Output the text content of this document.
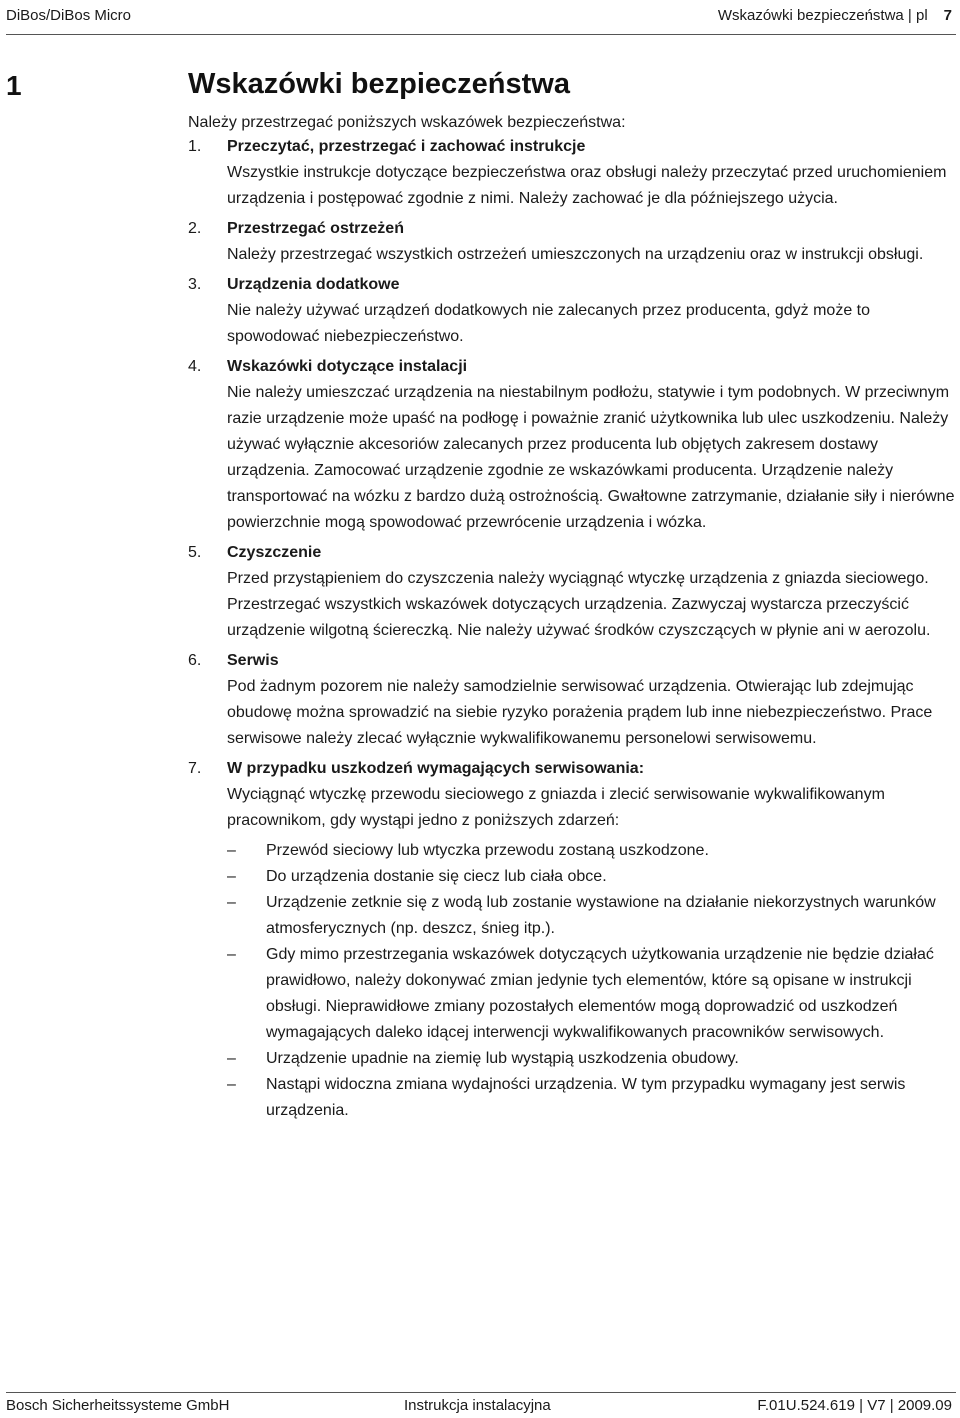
DiBos/DiBos Micro	Wskazówki bezpieczeństwa | pl 7
1	Wskazówki bezpieczeństwa

Należy przestrzegać poniższych wskazówek bezpieczeństwa:

1. Przeczytać, przestrzegać i zachować instrukcje
Wszystkie instrukcje dotyczące bezpieczeństwa oraz obsługi należy przeczytać przed uruchomieniem urządzenia i postępować zgodnie z nimi. Należy zachować je dla późniejszego użycia.
2. Przestrzegać ostrzeżeń
Należy przestrzegać wszystkich ostrzeżeń umieszczonych na urządzeniu oraz w instrukcji obsługi.
3. Urządzenia dodatkowe
Nie należy używać urządzeń dodatkowych nie zalecanych przez producenta, gdyż może to spowodować niebezpieczeństwo.
4. Wskazówki dotyczące instalacji
Nie należy umieszczać urządzenia na niestabilnym podłożu, statywie i tym podobnych. W przeciwnym razie urządzenie może upaść na podłogę i poważnie zranić użytkownika lub ulec uszkodzeniu. Należy używać wyłącznie akcesoriów zalecanych przez producenta lub objętych zakresem dostawy urządzenia. Zamocować urządzenie zgodnie ze wskazówkami producenta. Urządzenie należy transportować na wózku z bardzo dużą ostrożnością. Gwałtowne zatrzymanie, działanie siły i nierówne powierzchnie mogą spowodować przewrócenie urządzenia i wózka.
5. Czyszczenie
Przed przystąpieniem do czyszczenia należy wyciągnąć wtyczkę urządzenia z gniazda sieciowego. Przestrzegać wszystkich wskazówek dotyczących urządzenia. Zazwyczaj wystarcza przeczyścić urządzenie wilgotną ściereczką. Nie należy używać środków czyszczących w płynie ani w aerozolu.
6. Serwis
Pod żadnym pozorem nie należy samodzielnie serwisować urządzenia. Otwierając lub zdejmując obudowę można sprowadzić na siebie ryzyko porażenia prądem lub inne niebezpieczeństwo. Prace serwisowe należy zlecać wyłącznie wykwalifikowanemu personelowi serwisowemu.
7. W przypadku uszkodzeń wymagających serwisowania:
Wyciągnąć wtyczkę przewodu sieciowego z gniazda i zlecić serwisowanie wykwalifikowanym pracownikom, gdy wystąpi jedno z poniższych zdarzeń:
– Przewód sieciowy lub wtyczka przewodu zostaną uszkodzone.
– Do urządzenia dostanie się ciecz lub ciała obce.
– Urządzenie zetknie się z wodą lub zostanie wystawione na działanie niekorzystnych warunków atmosferycznych (np. deszcz, śnieg itp.).
– Gdy mimo przestrzegania wskazówek dotyczących użytkowania urządzenie nie będzie działać prawidłowo, należy dokonywać zmian jedynie tych elementów, które są opisane w instrukcji obsługi. Nieprawidłowe zmiany pozostałych elementów mogą doprowadzić od uszkodzeń wymagających daleko idącej interwencji wykwalifikowanych pracowników serwisowych.
– Urządzenie upadnie na ziemię lub wystąpią uszkodzenia obudowy.
– Nastąpi widoczna zmiana wydajności urządzenia. W tym przypadku wymagany jest serwis urządzenia.
Bosch Sicherheitssysteme GmbH	Instrukcja instalacyjna	F.01U.524.619 | V7 | 2009.09
